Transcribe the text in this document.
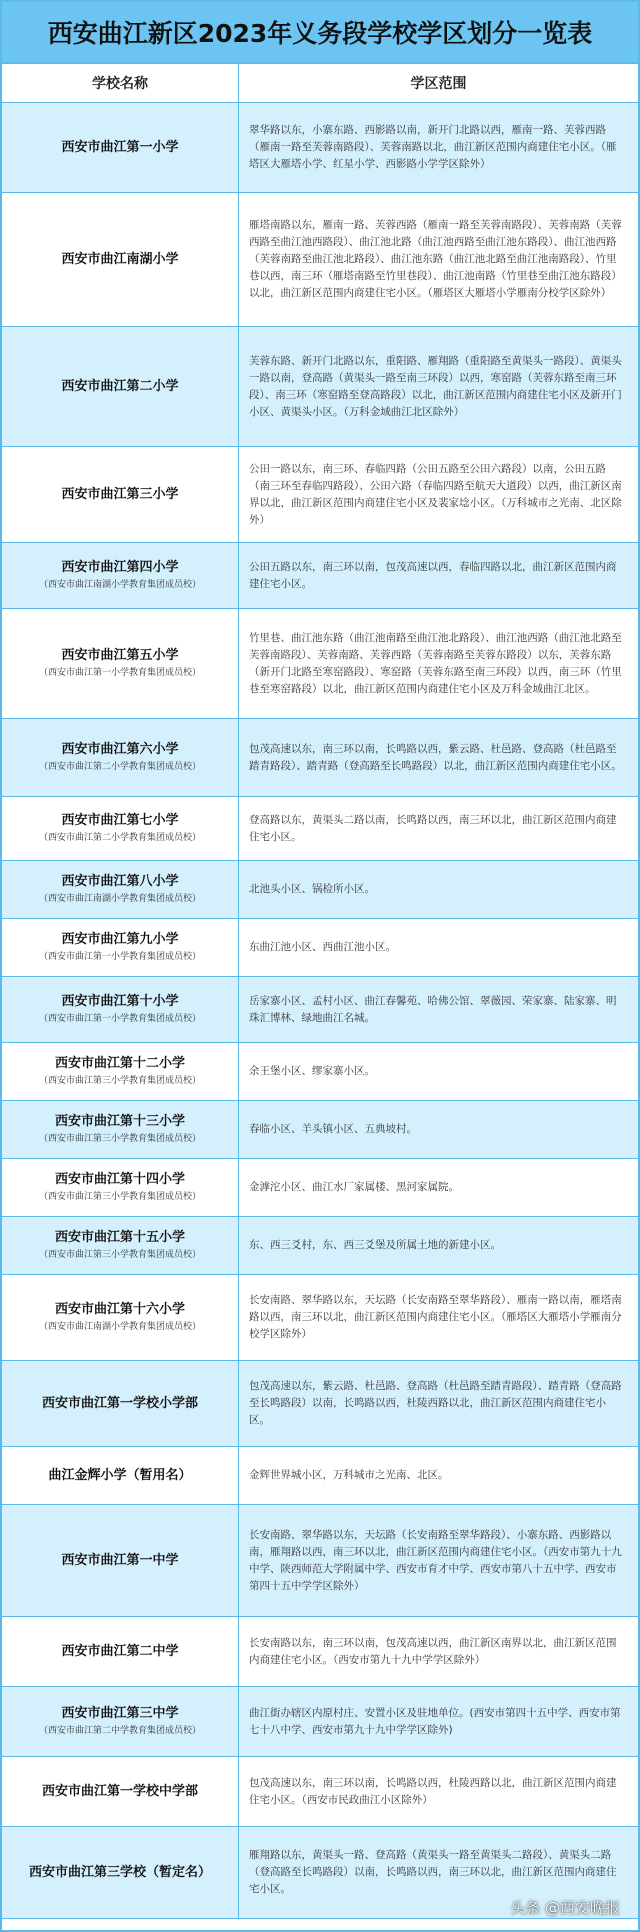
西安曲江新区2023年义务段学校学区划分一览表
学校名称	学区范围
西安市曲江第一小学
翠华路以东，小寨东路、西影路以南，新开门北路以西，雁南一路、芙蓉西路（雁南一路至芙蓉南路段）、芙蓉南路以北，曲江新区范围内商建住宅小区。（雁塔区大雁塔小学、红星小学、西影路小学学区除外）
西安市曲江南湖小学
雁塔南路以东，雁南一路、芙蓉西路（雁南一路至芙蓉南路段）、芙蓉南路（芙蓉西路至曲江池西路段）、曲江池北路（曲江池西路至曲江池东路段）、曲江池西路（芙蓉南路至曲江池北路段）、曲江池东路（曲江池北路至曲江池南路段）、竹里巷以西，南三环（雁塔南路至竹里巷段）、曲江池南路（竹里巷至曲江池东路段）以北，曲江新区范围内商建住宅小区。（雁塔区大雁塔小学雁南分校学区除外）
西安市曲江第二小学
芙蓉东路、新开门北路以东，重阳路、雁翔路（重阳路至黄渠头一路段）、黄渠头一路以南，登高路（黄渠头一路至南三环段）以西，寒窑路（芙蓉东路至南三环段）、南三环（寒窑路至登高路段）以北，曲江新区范围内商建住宅小区及新开门小区、黄渠头小区。（万科金域曲江北区除外）
西安市曲江第三小学
公田一路以东，南三环、春临四路（公田五路至公田六路段）以南，公田五路（南三环至春临四路段）、公田六路（春临四路至航天大道段）以西，曲江新区南界以北，曲江新区范围内商建住宅小区及裴家埝小区。（万科城市之光南、北区除外）
西安市曲江第四小学
（西安市曲江南湖小学教育集团成员校）
公田五路以东，南三环以南，包茂高速以西，春临四路以北，曲江新区范围内商建住宅小区。
西安市曲江第五小学
（西安市曲江第一小学教育集团成员校）
竹里巷、曲江池东路（曲江池南路至曲江池北路段）、曲江池西路（曲江池北路至芙蓉南路段）、芙蓉南路、芙蓉西路（芙蓉南路至芙蓉东路段）以东，芙蓉东路（新开门北路至寒窑路段）、寒窑路（芙蓉东路至南三环段）以西，南三环（竹里巷至寒窑路段）以北，曲江新区范围内商建住宅小区及万科金域曲江北区。
西安市曲江第六小学
（西安市曲江第二小学教育集团成员校）
包茂高速以东，南三环以南，长鸣路以西，紫云路、杜邑路、登高路（杜邑路至踏青路段）、踏青路（登高路至长鸣路段）以北，曲江新区范围内商建住宅小区。
西安市曲江第七小学
（西安市曲江第二小学教育集团成员校）
登高路以东，黄渠头二路以南，长鸣路以西，南三环以北，曲江新区范围内商建住宅小区。
西安市曲江第八小学
（西安市曲江南湖小学教育集团成员校）
北池头小区、锅检所小区。
西安市曲江第九小学
（西安市曲江第一小学教育集团成员校）
东曲江池小区、西曲江池小区。
西安市曲江第十小学
（西安市曲江第一小学教育集团成员校）
岳家寨小区、孟村小区、曲江春馨苑、哈佛公馆、翠薇园、荣家寨、陆家寨、明珠汇博林、绿地曲江名城。
西安市曲江第十二小学
（西安市曲江第三小学教育集团成员校）
余王堡小区、缪家寨小区。
西安市曲江第十三小学
（西安市曲江第三小学教育集团成员校）
春临小区、羊头镇小区、五典坡村。
西安市曲江第十四小学
（西安市曲江第三小学教育集团成员校）
金滹沱小区、曲江水厂家属楼、黑河家属院。
西安市曲江第十五小学
（西安市曲江第三小学教育集团成员校）
东、西三爻村，东、西三爻堡及所属土地的新建小区。
西安市曲江第十六小学
（西安市曲江南湖小学教育集团成员校）
长安南路、翠华路以东，天坛路（长安南路至翠华路段）、雁南一路以南，雁塔南路以西，南三环以北，曲江新区范围内商建住宅小区。（雁塔区大雁塔小学雁南分校学区除外）
西安市曲江第一学校小学部
包茂高速以东，紫云路、杜邑路、登高路（杜邑路至踏青路段）、踏青路（登高路至长鸣路段）以南，长鸣路以西，杜陵西路以北，曲江新区范围内商建住宅小区。
曲江金辉小学（暂用名）	金辉世界城小区，万科城市之光南、北区。
西安市曲江第一中学
长安南路、翠华路以东，天坛路（长安南路至翠华路段）、小寨东路、西影路以南，雁翔路以西，南三环以北，曲江新区范围内商建住宅小区。（西安市第九十九中学、陕西师范大学附属中学、西安市育才中学、西安市第八十五中学、西安市第四十五中学学区除外）
西安市曲江第二中学
长安南路以东，南三环以南，包茂高速以西，曲江新区南界以北，曲江新区范围内商建住宅小区。（西安市第九十九中学学区除外）
西安市曲江第三中学
（西安市曲江第二中学教育集团成员校）
曲江街办辖区内原村庄、安置小区及驻地单位。(西安市第四十五中学、西安市第七十八中学、西安市第九十九中学学区除外)
西安市曲江第一学校中学部
包茂高速以东，南三环以南，长鸣路以西，杜陵西路以北，曲江新区范围内商建住宅小区。（西安市民政曲江小区除外）
西安市曲江第三学校（暂定名）
雁翔路以东，黄渠头一路、登高路（黄渠头一路至黄渠头二路段）、黄渠头二路（登高路至长鸣路段）以南，长鸣路以西，南三环以北，曲江新区范围内商建住宅小区。
头条 @西安晚报
